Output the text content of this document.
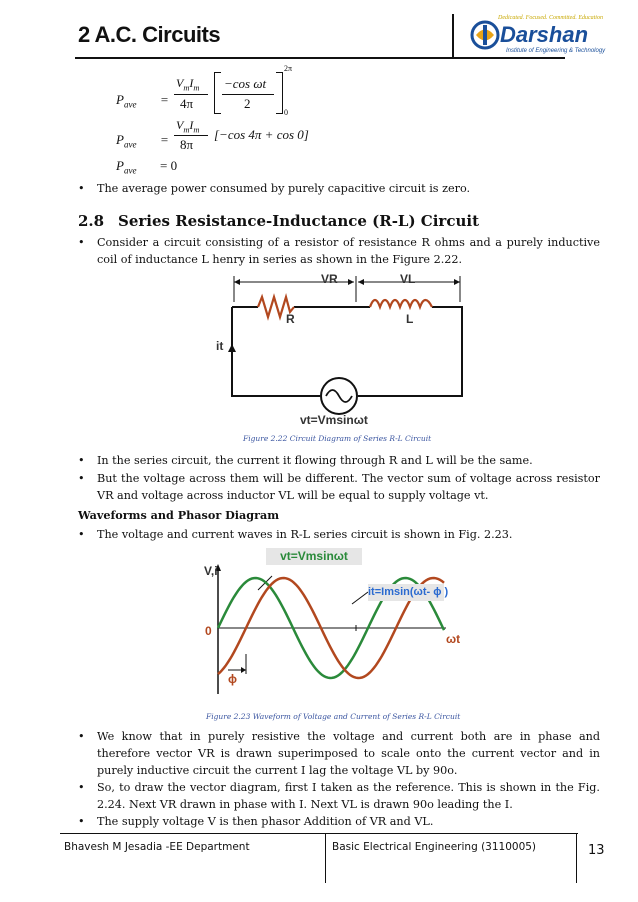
2 A.C. Circuits
Dedicated. Focused. Committed. Education
Darshan
Institute of Engineering & Technology
$P_{ave}$ =
$V_mI_m$
4π
−cos ωt
2
2π
0
$P_{ave}$ =
$V_mI_m$
8π
[−cos 4π + cos 0]
$P_{ave} = 0$
• The average power consumed by purely capacitive circuit is zero.
2.8 Series Resistance-Inductance (R-L) Circuit
• Consider a circuit consisting of a resistor of resistance R ohms and a purely inductive coil of inductance L henry in series as shown in the Figure 2.22.
VR	VL
R	L
it
vt=Vmsinωt
Figure 2.22 Circuit Diagram of Series R-L Circuit
• In the series circuit, the current it flowing through R and L will be the same.
• But the voltage across them will be different. The vector sum of voltage across resistor VR and voltage across inductor VL will be equal to supply voltage vt.
Waveforms and Phasor Diagram
• The voltage and current waves in R-L series circuit is shown in Fig. 2.23.
vt=Vmsinωt
it=Imsin(ωt- ϕ )
V,i
ωt
0
ϕ
Figure 2.23 Waveform of Voltage and Current of Series R-L Circuit
• We know that in purely resistive the voltage and current both are in phase and therefore vector VR is drawn superimposed to scale onto the current vector and in purely inductive circuit the current I lag the voltage VL by 90o.
• So, to draw the vector diagram, first I taken as the reference. This is shown in the Fig. 2.24. Next VR drawn in phase with I. Next VL is drawn 90o leading the I.
• The supply voltage V is then phasor Addition of VR and VL.
Bhavesh M Jesadia -EE Department	Basic Electrical Engineering (3110005)	13
